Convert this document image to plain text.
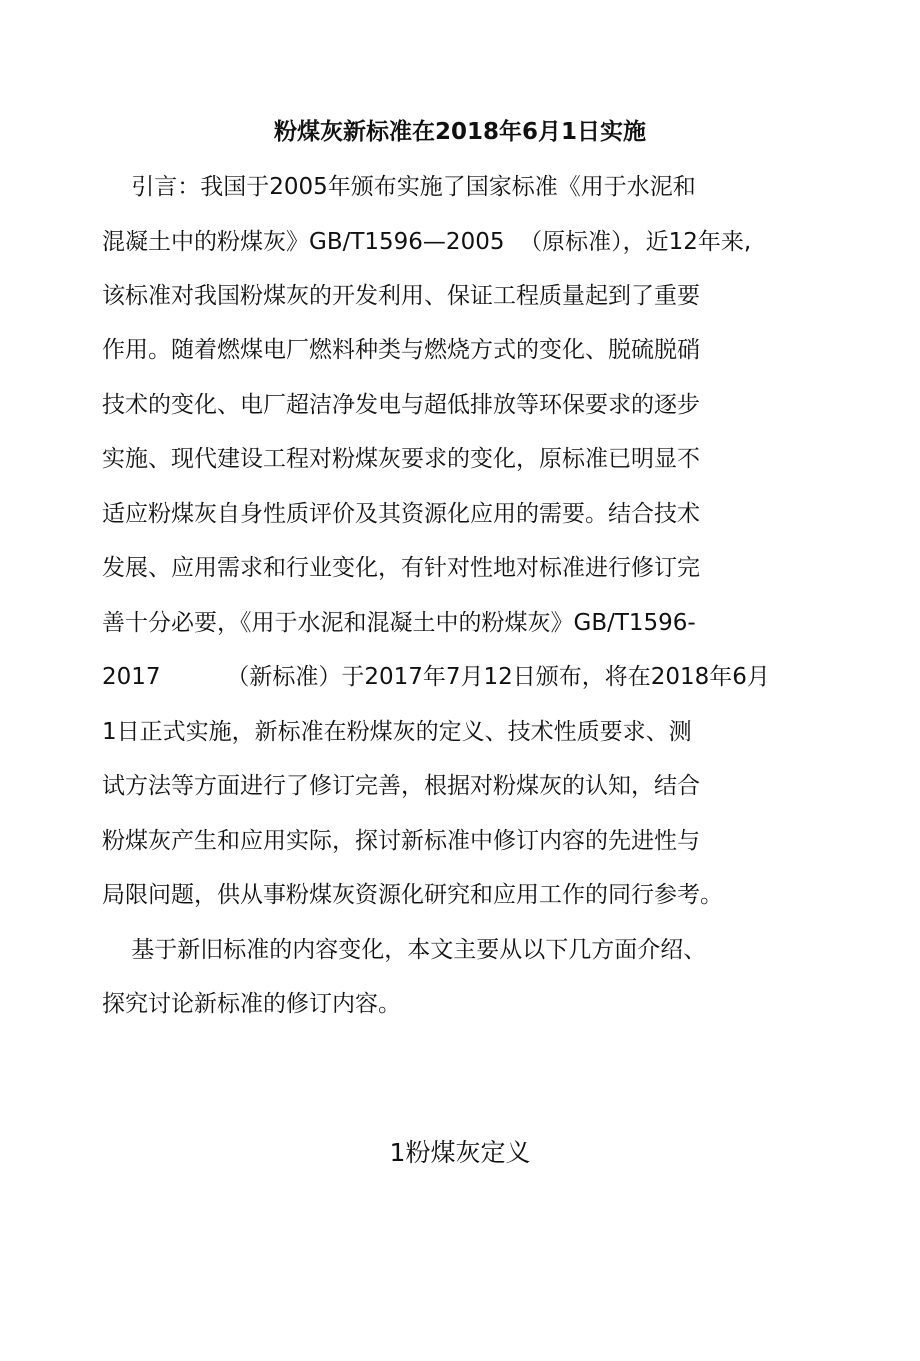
粉煤灰新标准在2018年6月1日实施
引言：我国于2005年颁布实施了国家标准《用于水泥和
混凝土中的粉煤灰》GB/T1596—2005  （原标准），近12年来,
该标准对我国粉煤灰的开发利用、保证工程质量起到了重要
作用。随着燃煤电厂燃料种类与燃烧方式的变化、脱硫脱硝
技术的变化、电厂超洁净发电与超低排放等环保要求的逐步
实施、现代建设工程对粉煤灰要求的变化，原标准已明显不
适应粉煤灰自身性质评价及其资源化应用的需要。结合技术
发展、应用需求和行业变化，有针对性地对标准进行修订完
善十分必要，《用于水泥和混凝土中的粉煤灰》GB/T1596-
2017         （新标准）于2017年7月12日颁布，将在2018年6月
1日正式实施，新标准在粉煤灰的定义、技术性质要求、测
试方法等方面进行了修订完善，根据对粉煤灰的认知，结合
粉煤灰产生和应用实际，探讨新标准中修订内容的先进性与
局限问题，供从事粉煤灰资源化研究和应用工作的同行参考。
基于新旧标准的内容变化，本文主要从以下几方面介绍、
探究讨论新标准的修订内容。
1粉煤灰定义
